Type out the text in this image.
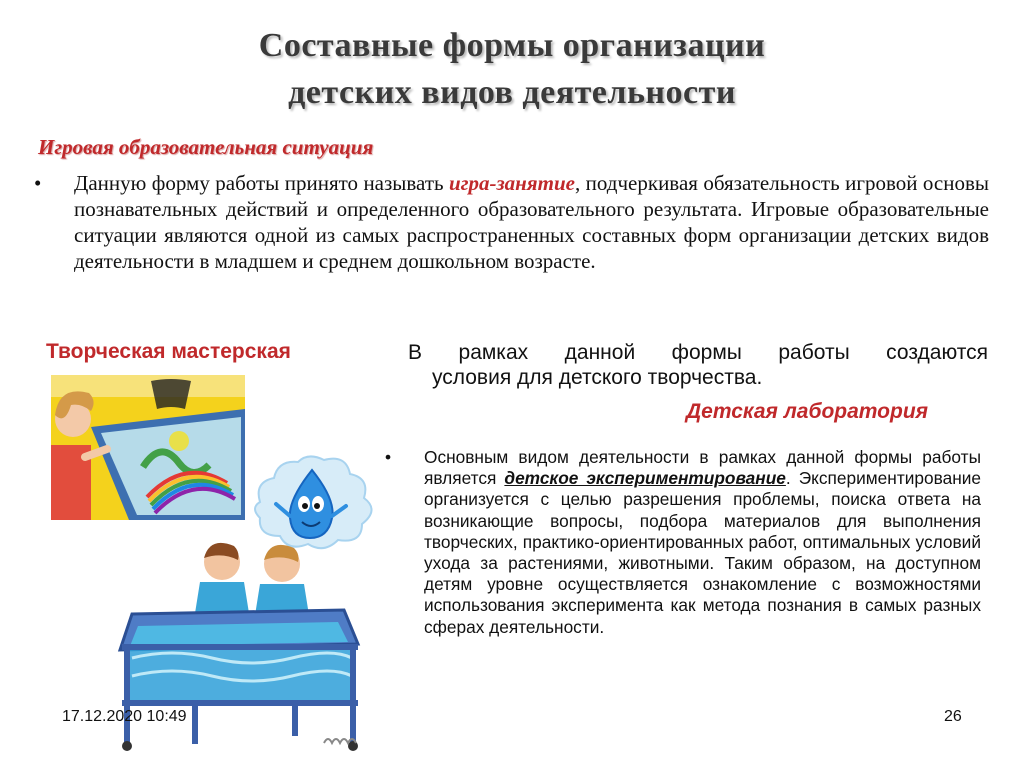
Составные формы организации
детских видов деятельности
Игровая образовательная ситуация
• Данную форму работы принято называть игра-занятие, подчеркивая обязательность игровой основы познавательных действий и определенного образовательного результата. Игровые образовательные ситуации являются одной из самых распространенных составных форм организации детских видов деятельности в младшем и среднем дошкольном возрасте.
Творческая мастерская	В рамках данной формы работы создаются
условия для детского творчества.
Детская лаборатория
• Основным видом деятельности в рамках данной формы работы является детское экспериментирование. Экспериментирование организуется с целью разрешения проблемы, поиска ответа на возникающие вопросы, подбора материалов для выполнения творческих, практико-ориентированных работ, оптимальных условий ухода за растениями, животными. Таким образом, на доступном детям уровне осуществляется ознакомление с возможностями использования эксперимента как метода познания в самых разных сферах деятельности.
17.12.2020 10:49	26
